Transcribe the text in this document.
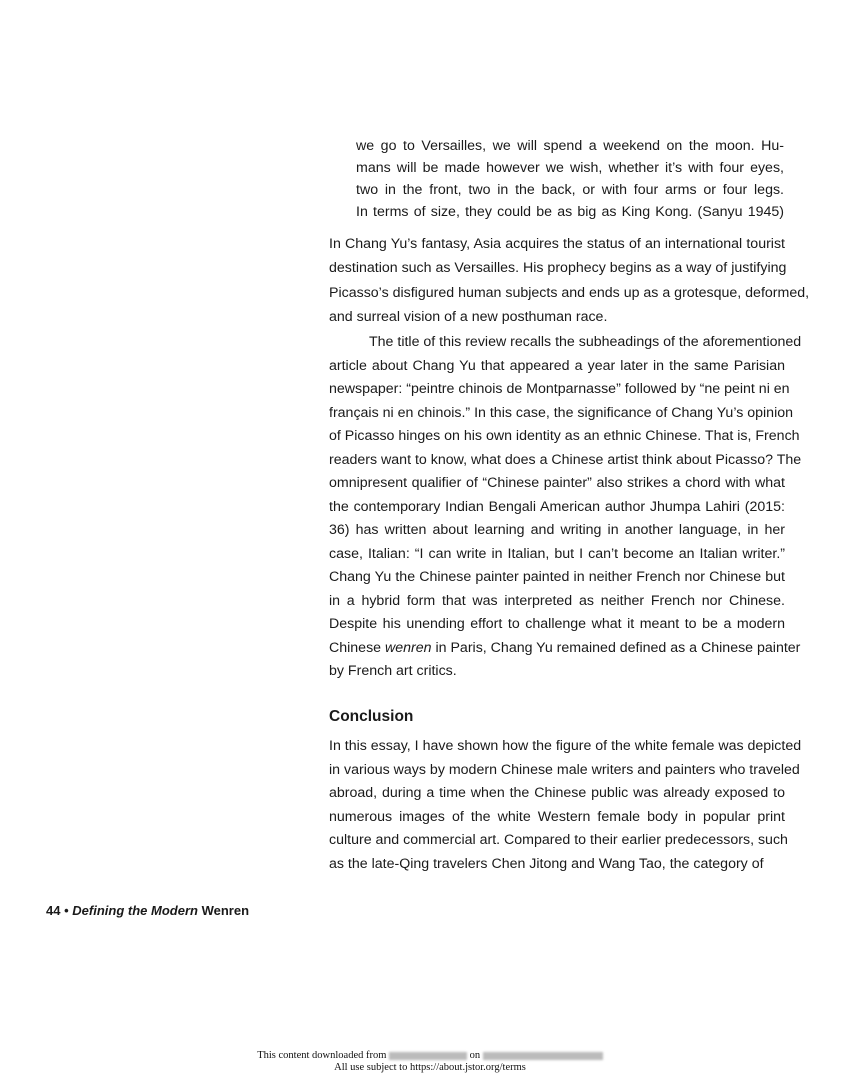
we go to Versailles, we will spend a weekend on the moon. Hu-
mans will be made however we wish, whether it’s with four eyes,
two in the front, two in the back, or with four arms or four legs.
In terms of size, they could be as big as King Kong. (Sanyu 1945)
In Chang Yu’s fantasy, Asia acquires the status of an international tourist
destination such as Versailles. His prophecy begins as a way of justifying
Picasso’s disfigured human subjects and ends up as a grotesque, deformed,
and surreal vision of a new posthuman race.
The title of this review recalls the subheadings of the aforementioned
article about Chang Yu that appeared a year later in the same Parisian
newspaper: “peintre chinois de Montparnasse” followed by “ne peint ni en
français ni en chinois.” In this case, the significance of Chang Yu’s opinion
of Picasso hinges on his own identity as an ethnic Chinese. That is, French
readers want to know, what does a Chinese artist think about Picasso? The
omnipresent qualifier of “Chinese painter” also strikes a chord with what
the contemporary Indian Bengali American author Jhumpa Lahiri (2015:
36) has written about learning and writing in another language, in her
case, Italian: “I can write in Italian, but I can’t become an Italian writer.”
Chang Yu the Chinese painter painted in neither French nor Chinese but
in a hybrid form that was interpreted as neither French nor Chinese.
Despite his unending effort to challenge what it meant to be a modern
Chinese wenren in Paris, Chang Yu remained defined as a Chinese painter
by French art critics.
Conclusion
In this essay, I have shown how the figure of the white female was depicted
in various ways by modern Chinese male writers and painters who traveled
abroad, during a time when the Chinese public was already exposed to
numerous images of the white Western female body in popular print
culture and commercial art. Compared to their earlier predecessors, such
as the late-Qing travelers Chen Jitong and Wang Tao, the category of
44 • Defining the Modern Wenren
This content downloaded from	on
All use subject to https://about.jstor.org/terms
